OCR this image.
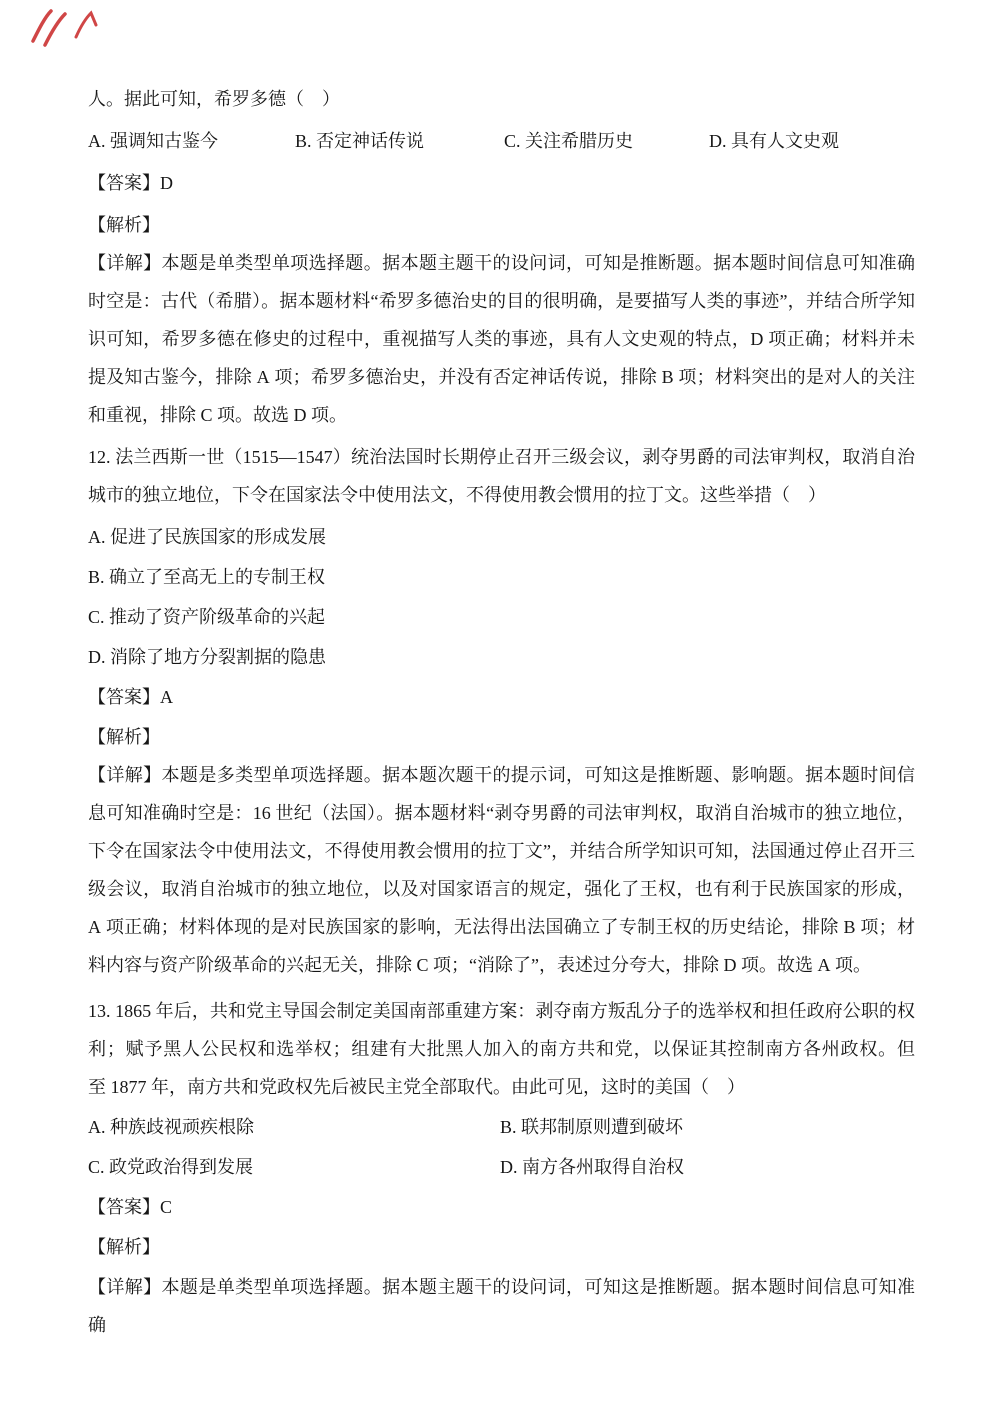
人。据此可知，希罗多德（    ）

A. 强调知古鉴今	B. 否定神话传说	C. 关注希腊历史	D. 具有人文史观

【答案】D

【解析】

【详解】本题是单类型单项选择题。据本题主题干的设问词，可知是推断题。据本题时间信息可知准确时空是：古代（希腊）。据本题材料“希罗多德治史的目的很明确，是要描写人类的事迹”，并结合所学知识可知，希罗多德在修史的过程中，重视描写人类的事迹，具有人文史观的特点，D 项正确；材料并未提及知古鉴今，排除 A 项；希罗多德治史，并没有否定神话传说，排除 B 项；材料突出的是对人的关注和重视，排除 C 项。故选 D 项。

12. 法兰西斯一世（1515—1547）统治法国时长期停止召开三级会议，剥夺男爵的司法审判权，取消自治城市的独立地位，下令在国家法令中使用法文，不得使用教会惯用的拉丁文。这些举措（    ）

A. 促进了民族国家的形成发展

B. 确立了至高无上的专制王权

C. 推动了资产阶级革命的兴起

D. 消除了地方分裂割据的隐患

【答案】A

【解析】

【详解】本题是多类型单项选择题。据本题次题干的提示词，可知这是推断题、影响题。据本题时间信息可知准确时空是：16 世纪（法国）。据本题材料“剥夺男爵的司法审判权，取消自治城市的独立地位，下令在国家法令中使用法文，不得使用教会惯用的拉丁文”，并结合所学知识可知，法国通过停止召开三级会议，取消自治城市的独立地位，以及对国家语言的规定，强化了王权，也有利于民族国家的形成，A 项正确；材料体现的是对民族国家的影响，无法得出法国确立了专制王权的历史结论，排除 B 项；材料内容与资产阶级革命的兴起无关，排除 C 项；“消除了”，表述过分夸大，排除 D 项。故选 A 项。

13. 1865 年后，共和党主导国会制定美国南部重建方案：剥夺南方叛乱分子的选举权和担任政府公职的权利；赋予黑人公民权和选举权；组建有大批黑人加入的南方共和党，以保证其控制南方各州政权。但至 1877 年，南方共和党政权先后被民主党全部取代。由此可见，这时的美国（    ）

A. 种族歧视顽疾根除	B. 联邦制原则遭到破坏
C. 政党政治得到发展	D. 南方各州取得自治权

【答案】C

【解析】

【详解】本题是单类型单项选择题。据本题主题干的设问词，可知这是推断题。据本题时间信息可知准确
